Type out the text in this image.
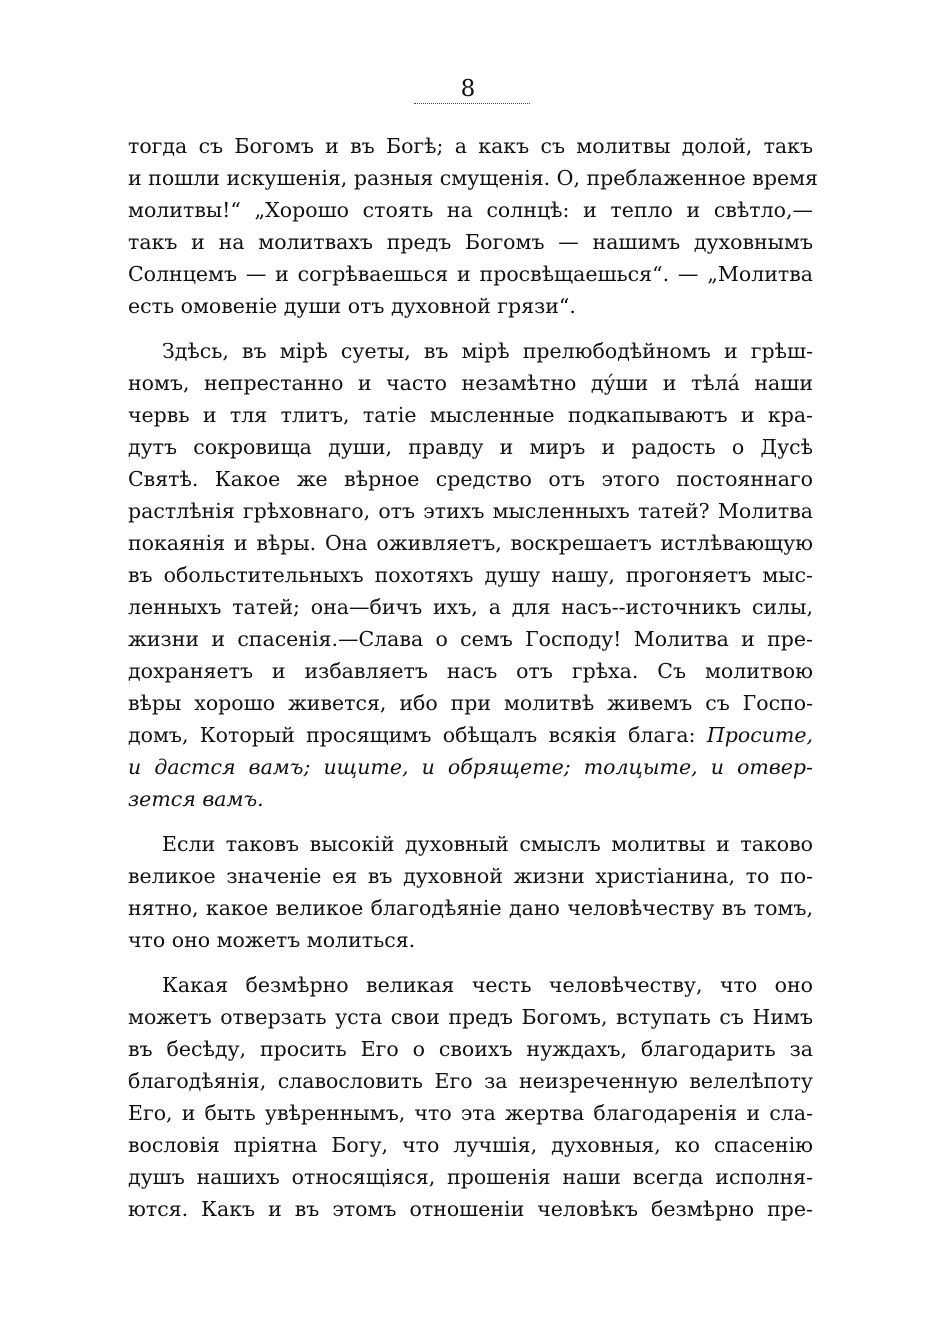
8
тогда съ Богомъ и въ Богѣ; а какъ съ молитвы долой, такъ
и пошли искушенія, разныя смущенія. О, преблаженное время
молитвы!“ „Хорошо стоять на солнцѣ: и тепло и свѣтло,—
такъ и на молитвахъ предъ Богомъ — нашимъ духовнымъ
Солнцемъ — и согрѣваешься и просвѣщаешься“. — „Молитва
есть омовеніе души отъ духовной грязи“.
Здѣсь, въ мірѣ суеты, въ мірѣ прелюбодѣйномъ и грѣш-
номъ, непрестанно и часто незамѣтно ду́ши и тѣла́ наши
червь и тля тлитъ, татіе мысленные подкапываютъ и кра-
дутъ сокровища души, правду и миръ и радость о Дусѣ
Святѣ. Какое же вѣрное средство отъ этого постояннаго
растлѣнія грѣховнаго, отъ этихъ мысленныхъ татей? Молитва
покаянія и вѣры. Она оживляетъ, воскрешаетъ истлѣвающую
въ обольстительныхъ похотяхъ душу нашу, прогоняетъ мыс-
ленныхъ татей; она—бичъ ихъ, а для насъ--источникъ силы,
жизни и спасенія.—Слава о семъ Господу! Молитва и пре-
дохраняетъ и избавляетъ насъ отъ грѣха. Съ молитвою
вѣры хорошо живется, ибо при молитвѣ живемъ съ Госпо-
домъ, Который просящимъ обѣщалъ всякія блага: Просите,
и дастся вамъ; ищите, и обрящете; толцыте, и отвер-
зется вамъ.
Если таковъ высокій духовный смыслъ молитвы и таково
великое значеніе ея въ духовной жизни христіанина, то по-
нятно, какое великое благодѣяніе дано человѣчеству въ томъ,
что оно можетъ молиться.
Какая безмѣрно великая честь человѣчеству, что оно
можетъ отверзать уста свои предъ Богомъ, вступать съ Нимъ
въ бесѣду, просить Его о своихъ нуждахъ, благодарить за
благодѣянія, славословить Его за неизреченную велелѣпоту
Его, и быть увѣреннымъ, что эта жертва благодаренія и сла-
вословія пріятна Богу, что лучшія, духовныя, ко спасенію
душъ нашихъ относящіяся, прошенія наши всегда исполня-
ются. Какъ и въ этомъ отношеніи человѣкъ безмѣрно пре-
